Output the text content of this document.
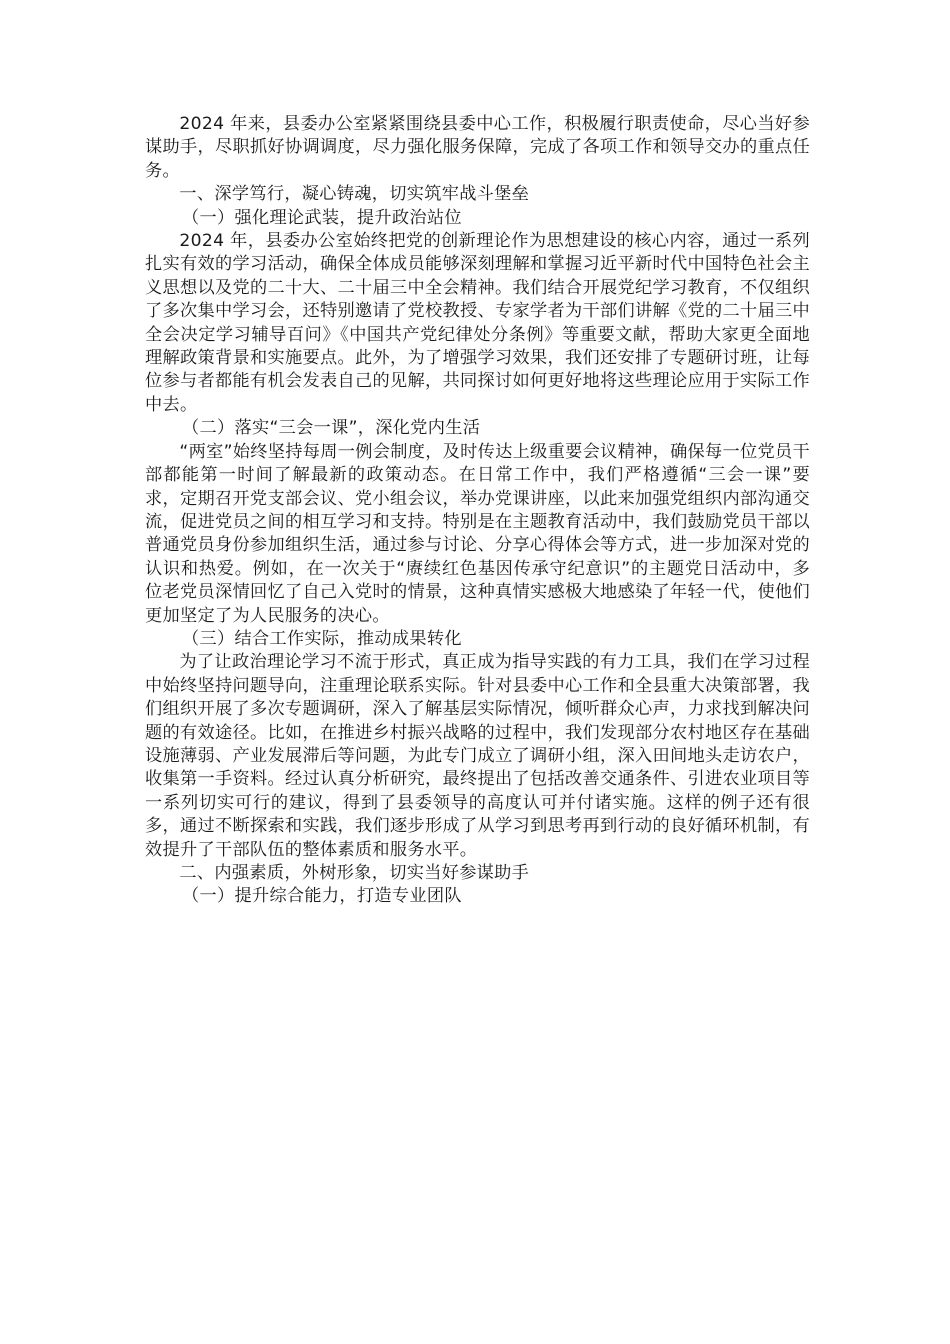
2024 年来，县委办公室紧紧围绕县委中心工作，积极履行职责使命，尽心当好参谋助手，尽职抓好协调调度，尽力强化服务保障，完成了各项工作和领导交办的重点任务。

一、深学笃行，凝心铸魂，切实筑牢战斗堡垒

（一）强化理论武装，提升政治站位

2024 年，县委办公室始终把党的创新理论作为思想建设的核心内容，通过一系列扎实有效的学习活动，确保全体成员能够深刻理解和掌握习近平新时代中国特色社会主义思想以及党的二十大、二十届三中全会精神。我们结合开展党纪学习教育，不仅组织了多次集中学习会，还特别邀请了党校教授、专家学者为干部们讲解《党的二十届三中全会决定学习辅导百问》《中国共产党纪律处分条例》等重要文献，帮助大家更全面地理解政策背景和实施要点。此外，为了增强学习效果，我们还安排了专题研讨班，让每位参与者都能有机会发表自己的见解，共同探讨如何更好地将这些理论应用于实际工作中去。

（二）落实“三会一课”，深化党内生活

“两室”始终坚持每周一例会制度，及时传达上级重要会议精神，确保每一位党员干部都能第一时间了解最新的政策动态。在日常工作中，我们严格遵循“三会一课”要求，定期召开党支部会议、党小组会议，举办党课讲座，以此来加强党组织内部沟通交流，促进党员之间的相互学习和支持。特别是在主题教育活动中，我们鼓励党员干部以普通党员身份参加组织生活，通过参与讨论、分享心得体会等方式，进一步加深对党的认识和热爱。例如，在一次关于“赓续红色基因传承守纪意识”的主题党日活动中，多位老党员深情回忆了自己入党时的情景，这种真情实感极大地感染了年轻一代，使他们更加坚定了为人民服务的决心。

（三）结合工作实际，推动成果转化

为了让政治理论学习不流于形式，真正成为指导实践的有力工具，我们在学习过程中始终坚持问题导向，注重理论联系实际。针对县委中心工作和全县重大决策部署，我们组织开展了多次专题调研，深入了解基层实际情况，倾听群众心声，力求找到解决问题的有效途径。比如，在推进乡村振兴战略的过程中，我们发现部分农村地区存在基础设施薄弱、产业发展滞后等问题，为此专门成立了调研小组，深入田间地头走访农户，收集第一手资料。经过认真分析研究，最终提出了包括改善交通条件、引进农业项目等一系列切实可行的建议，得到了县委领导的高度认可并付诸实施。这样的例子还有很多，通过不断探索和实践，我们逐步形成了从学习到思考再到行动的良好循环机制，有效提升了干部队伍的整体素质和服务水平。

二、内强素质，外树形象，切实当好参谋助手

（一）提升综合能力，打造专业团队
